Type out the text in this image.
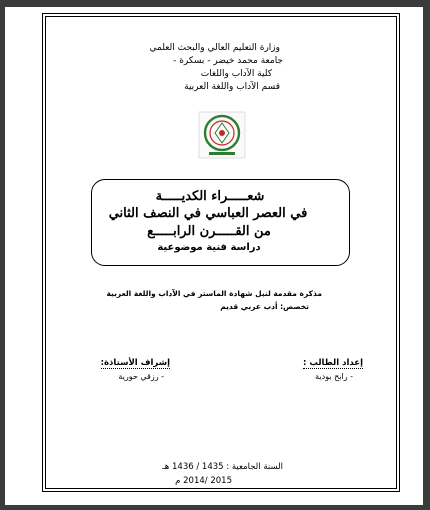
وزارة التعليم العالي والبحث العلمي
جامعة محمد خيضر - بسكرة -
كلية الآداب واللغات
قسم الآداب واللغة العربية
شعـــــراء الكديـــــة
في العصر العباسي في النصف الثاني
من القـــــرن الرابـــــع
دراسة فنية موضوعية
مذكرة مقدمة لنيل شهادة الماستر في الآداب واللغة العربية
تخصص: أدب عربي قديم
إعداد الطالب :
- رابح بودية
إشراف الأستاذة:
- رزقي حورية
السنة الجامعية : 1435 / 1436 هـ
2015 /2014 م
